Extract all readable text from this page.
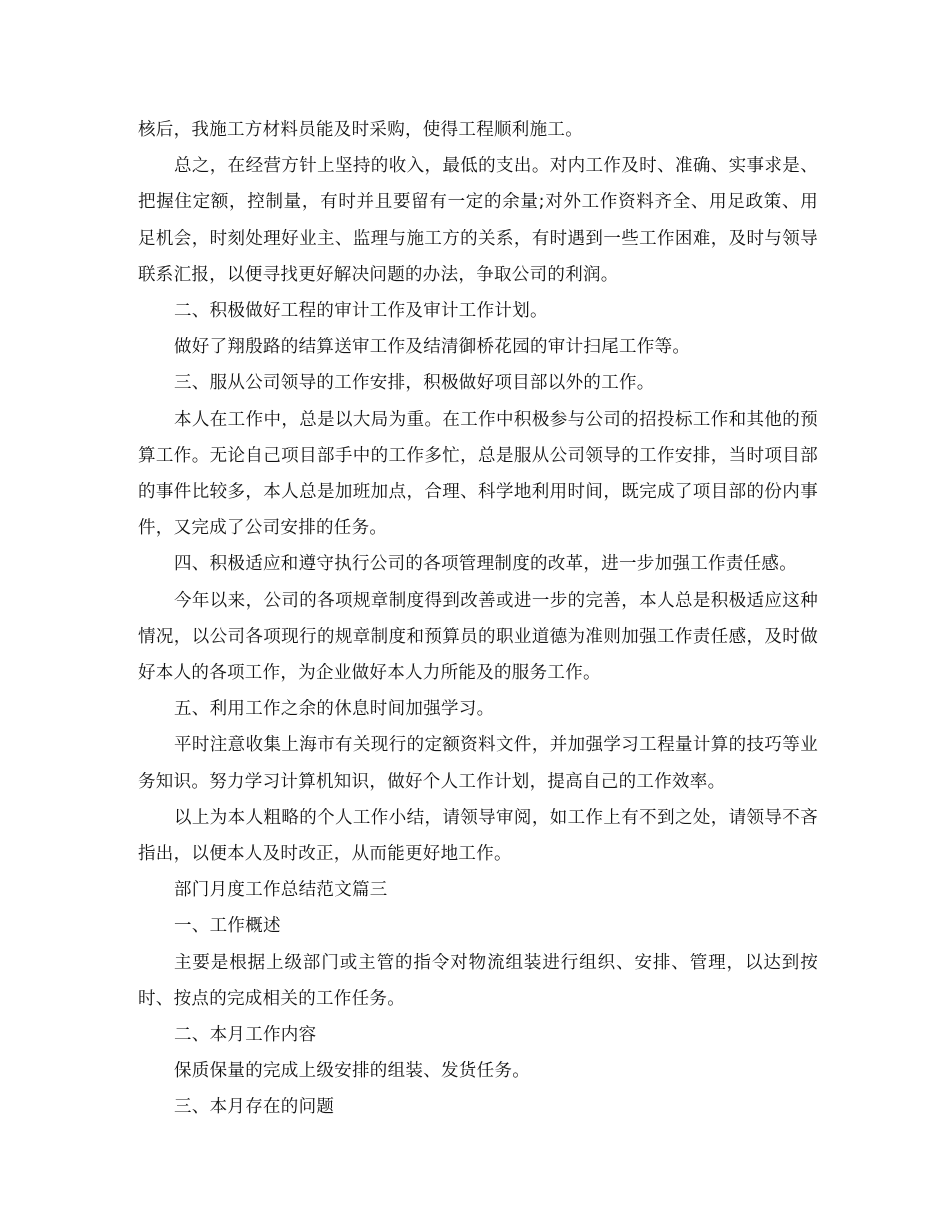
核后，我施工方材料员能及时采购，使得工程顺利施工。

总之，在经营方针上坚持的收入，最低的支出。对内工作及时、准确、实事求是、把握住定额，控制量，有时并且要留有一定的余量;对外工作资料齐全、用足政策、用足机会，时刻处理好业主、监理与施工方的关系，有时遇到一些工作困难，及时与领导联系汇报，以便寻找更好解决问题的办法，争取公司的利润。

二、积极做好工程的审计工作及审计工作计划。

做好了翔殷路的结算送审工作及结清御桥花园的审计扫尾工作等。

三、服从公司领导的工作安排，积极做好项目部以外的工作。

本人在工作中，总是以大局为重。在工作中积极参与公司的招投标工作和其他的预算工作。无论自己项目部手中的工作多忙，总是服从公司领导的工作安排，当时项目部的事件比较多，本人总是加班加点，合理、科学地利用时间，既完成了项目部的份内事件，又完成了公司安排的任务。

四、积极适应和遵守执行公司的各项管理制度的改革，进一步加强工作责任感。

今年以来，公司的各项规章制度得到改善或进一步的完善，本人总是积极适应这种情况，以公司各项现行的规章制度和预算员的职业道德为准则加强工作责任感，及时做好本人的各项工作，为企业做好本人力所能及的服务工作。

五、利用工作之余的休息时间加强学习。

平时注意收集上海市有关现行的定额资料文件，并加强学习工程量计算的技巧等业务知识。努力学习计算机知识，做好个人工作计划，提高自己的工作效率。

以上为本人粗略的个人工作小结，请领导审阅，如工作上有不到之处，请领导不吝指出，以便本人及时改正，从而能更好地工作。

部门月度工作总结范文篇三

一、工作概述

主要是根据上级部门或主管的指令对物流组装进行组织、安排、管理，以达到按时、按点的完成相关的工作任务。

二、本月工作内容

保质保量的完成上级安排的组装、发货任务。

三、本月存在的问题
